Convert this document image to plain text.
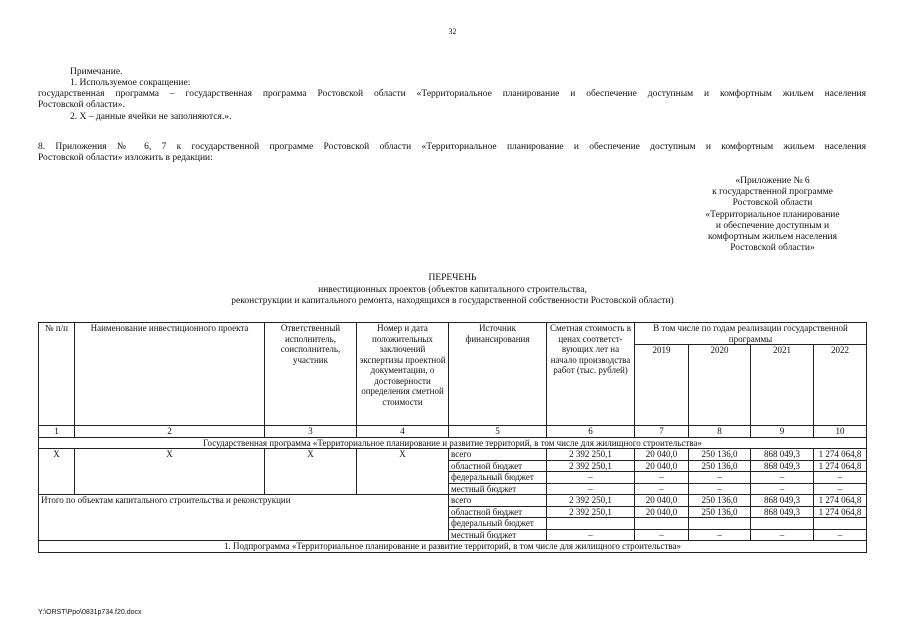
32
Примечание.
1. Используемое сокращение:
государственная программа – государственная программа Ростовской области «Территориальное планирование и обеспечение доступным и комфортным жильем населения
Ростовской области».
2. Х – данные ячейки не заполняются.».
8. Приложения № 6, 7 к государственной программе Ростовской области «Территориальное планирование и обеспечение доступным и комфортным жильем населения
Ростовской области» изложить в редакции:
«Приложение № 6
к государственной программе
Ростовской области
«Территориальное планирование
и обеспечение доступным и
комфортным жильем населения
Ростовской области»
ПЕРЕЧЕНЬ
инвестиционных проектов (объектов капитального строительства,
реконструкции и капитального ремонта, находящихся в государственной собственности Ростовской области)
№ п/п	Наименование инвестиционного проекта	Ответственный исполнитель, соисполнитель, участник	Номер и дата положительных заключений экспертизы проектной документации, о достоверности определения сметной стоимости	Источник финансирования	Сметная стоимость в ценах соответст-вующих лет на начало производства работ (тыс. рублей)	В том числе по годам реализации государственной программы			
						2019	2020	2021	2022
1	2	3	4	5	6	7	8	9	10
Государственная программа «Территориальное планирование и развитие территорий, в том числе для жилищного строительства»									
Х	Х	Х	Х	всего	2 392 250,1	20 040,0	250 136,0	868 049,3	1 274 064,8
				областной бюджет	2 392 250,1	20 040,0	250 136,0	868 049,3	1 274 064,8
				федеральный бюджет	–	–	–	–	–
				местный бюджет	–	–	–	–	–
Итого по объектам капитального строительства и реконструкции				всего	2 392 250,1	20 040,0	250 136,0	868 049,3	1 274 064,8
				областной бюджет	2 392 250,1	20 040,0	250 136,0	868 049,3	1 274 064,8
				федеральный бюджет					
				местный бюджет	–	–	–	–	–
1. Подпрограмма «Территориальное планирование и развитие территорий, в том числе для жилищного строительства»									
Y:\ORST\Ppo\0831p734.f20.docx
